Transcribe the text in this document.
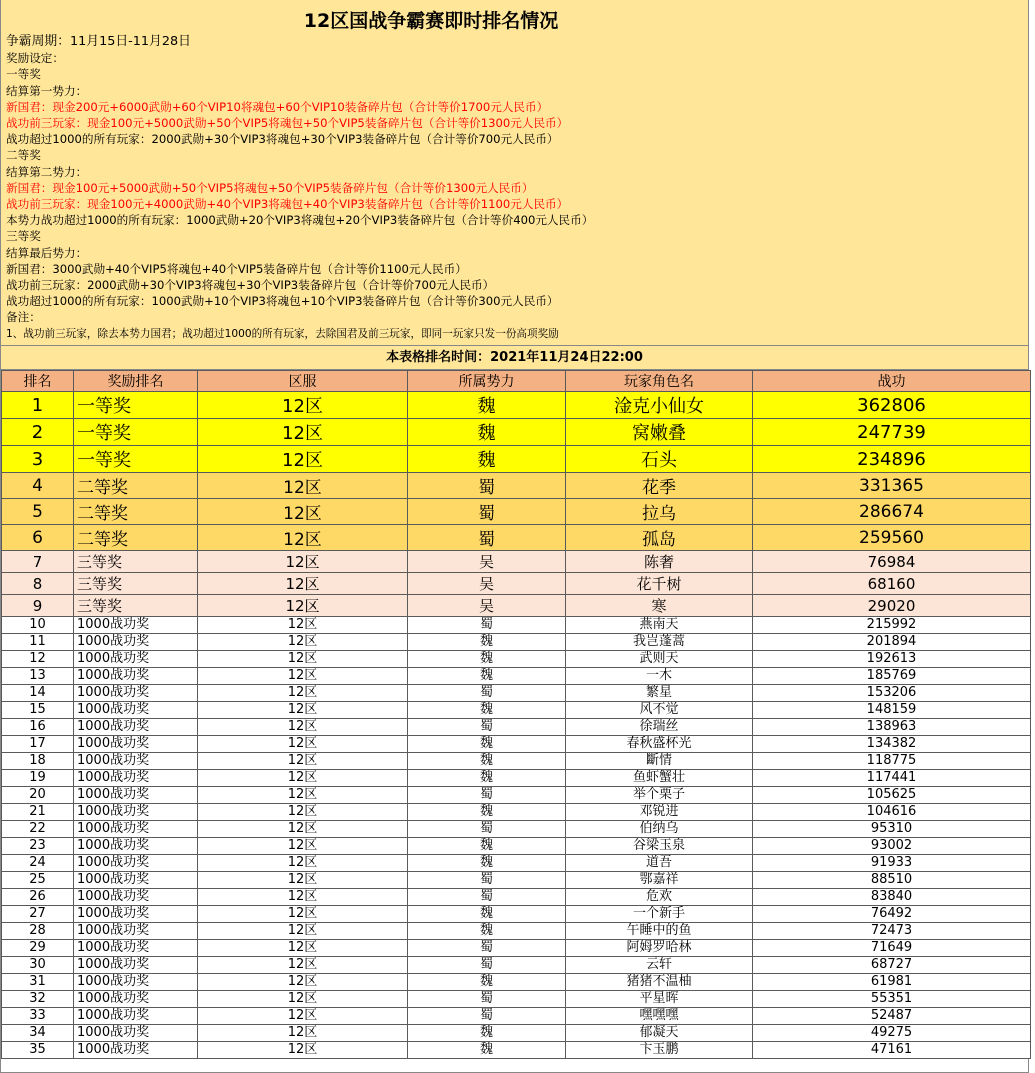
12区国战争霸赛即时排名情况
争霸周期：11月15日-11月28日
奖励设定：
一等奖
结算第一势力：
新国君：现金200元+6000武勋+60个VIP10将魂包+60个VIP10装备碎片包（合计等价1700元人民币）
战功前三玩家：现金100元+5000武勋+50个VIP5将魂包+50个VIP5装备碎片包（合计等价1300元人民币）
战功超过1000的所有玩家：2000武勋+30个VIP3将魂包+30个VIP3装备碎片包（合计等价700元人民币）
二等奖
结算第二势力：
新国君：现金100元+5000武勋+50个VIP5将魂包+50个VIP5装备碎片包（合计等价1300元人民币）
战功前三玩家：现金100元+4000武勋+40个VIP3将魂包+40个VIP3装备碎片包（合计等价1100元人民币）
本势力战功超过1000的所有玩家：1000武勋+20个VIP3将魂包+20个VIP3装备碎片包（合计等价400元人民币）
三等奖
结算最后势力：
新国君：3000武勋+40个VIP5将魂包+40个VIP5装备碎片包（合计等价1100元人民币）
战功前三玩家：2000武勋+30个VIP3将魂包+30个VIP3装备碎片包（合计等价700元人民币）
战功超过1000的所有玩家：1000武勋+10个VIP3将魂包+10个VIP3装备碎片包（合计等价300元人民币）
备注：
1、战功前三玩家，除去本势力国君；战功超过1000的所有玩家，去除国君及前三玩家，即同一玩家只发一份高项奖励
本表格排名时间：2021年11月24日22:00
排名	奖励排名	区服	所属势力	玩家角色名	战功
1	一等奖	12区	魏	淦克小仙女	362806
2	一等奖	12区	魏	窝嫩叠	247739
3	一等奖	12区	魏	石头	234896
4	二等奖	12区	蜀	花季	331365
5	二等奖	12区	蜀	拉乌	286674
6	二等奖	12区	蜀	孤岛	259560
7	三等奖	12区	吴	陈奢	76984
8	三等奖	12区	吴	花千树	68160
9	三等奖	12区	吴	寒	29020
10	1000战功奖	12区	蜀	燕南天	215992
11	1000战功奖	12区	魏	我岂蓬蒿	201894
12	1000战功奖	12区	魏	武则天	192613
13	1000战功奖	12区	魏	一木	185769
14	1000战功奖	12区	蜀	繁星	153206
15	1000战功奖	12区	魏	风不觉	148159
16	1000战功奖	12区	蜀	徐瑞丝	138963
17	1000战功奖	12区	魏	春秋盛杯光	134382
18	1000战功奖	12区	魏	斷情	118775
19	1000战功奖	12区	魏	鱼虾蟹壮	117441
20	1000战功奖	12区	蜀	举个栗子	105625
21	1000战功奖	12区	魏	邓锐进	104616
22	1000战功奖	12区	蜀	伯纳乌	95310
23	1000战功奖	12区	魏	谷梁玉泉	93002
24	1000战功奖	12区	魏	道吾	91933
25	1000战功奖	12区	蜀	鄂嘉祥	88510
26	1000战功奖	12区	蜀	危欢	83840
27	1000战功奖	12区	魏	一个新手	76492
28	1000战功奖	12区	魏	午睡中的鱼	72473
29	1000战功奖	12区	蜀	阿姆罗哈林	71649
30	1000战功奖	12区	蜀	云轩	68727
31	1000战功奖	12区	魏	猪猪不温柚	61981
32	1000战功奖	12区	蜀	平星晖	55351
33	1000战功奖	12区	蜀	嘿嘿嘿	52487
34	1000战功奖	12区	魏	郁凝天	49275
35	1000战功奖	12区	魏	卞玉鹏	47161
